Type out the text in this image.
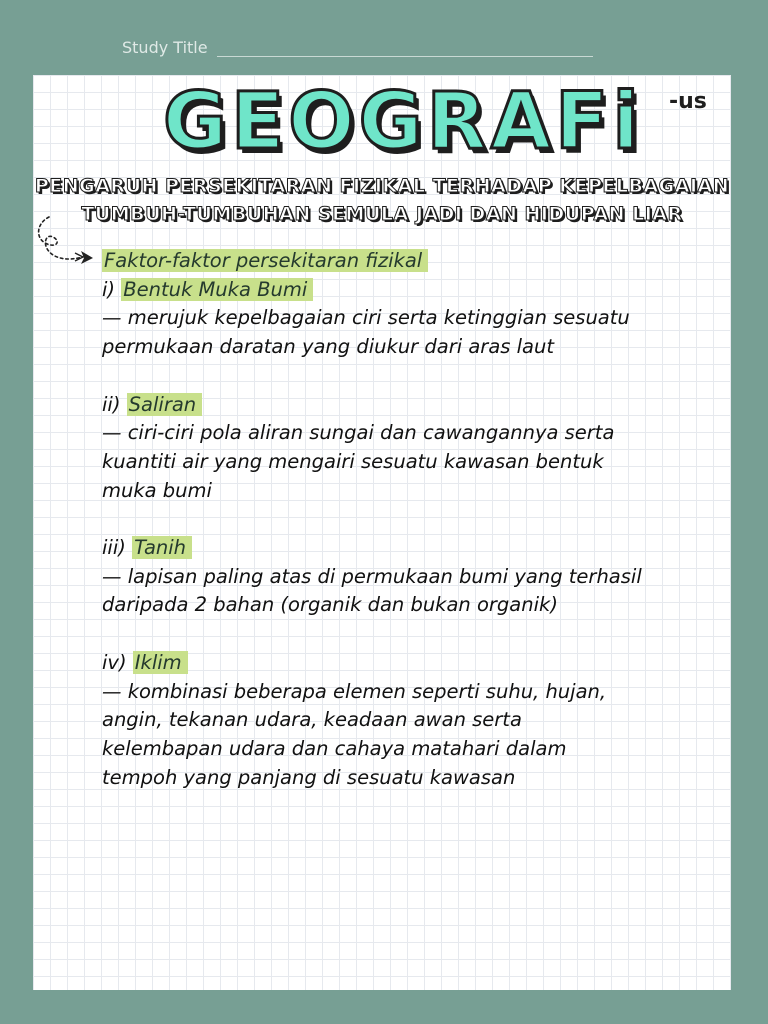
Study Title
GEOGRAFi -us
PENGARUH PERSEKITARAN FIZIKAL TERHADAP KEPELBAGAIAN
TUMBUH-TUMBUHAN SEMULA JADI DAN HIDUPAN LIAR

Faktor-faktor persekitaran fizikal

i) Bentuk Muka Bumi

— merujuk kepelbagaian ciri serta ketinggian sesuatu

permukaan daratan yang diukur dari aras laut

ii) Saliran

— ciri-ciri pola aliran sungai dan cawangannya serta

kuantiti air yang mengairi sesuatu kawasan bentuk

muka bumi

iii) Tanih

— lapisan paling atas di permukaan bumi yang terhasil

daripada 2 bahan (organik dan bukan organik)

iv) Iklim

— kombinasi beberapa elemen seperti suhu, hujan,

angin, tekanan udara, keadaan awan serta

kelembapan udara dan cahaya matahari dalam

tempoh yang panjang di sesuatu kawasan
